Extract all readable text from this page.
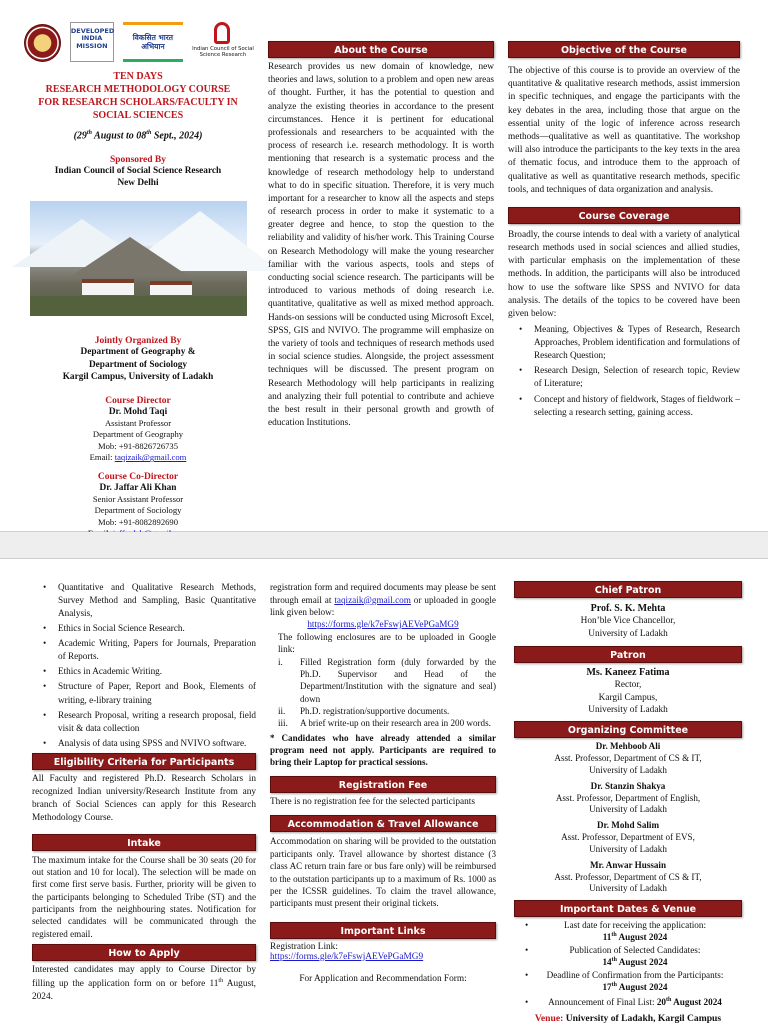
DEVELOPED INDIA MISSION
विकसित भारत अभियान	Indian Council of Social Science Research
TEN DAYS
RESEARCH METHODOLOGY COURSE
FOR RESEARCH SCHOLARS/FACULTY IN
SOCIAL SCIENCES
(29th August to 08th Sept., 2024)
Sponsored By
Indian Council of Social Science Research
New Delhi
Jointly Organized By
Department of Geography &
Department of Sociology
Kargil Campus, University of Ladakh
Course Director
Dr. Mohd Taqi
Assistant Professor
Department of Geography
Mob: +91-8826726735
Email: taqizaik@gmail.com
Course Co-Director
Dr. Jaffar Ali Khan
Senior Assistant Professor
Department of Sociology
Mob: +91-8082892690
About the Course
Research provides us new domain of knowledge, new theories and laws, solution to a problem and open new areas of thought. Further, it has the potential to question and analyze the existing theories in accordance to the present circumstances. Hence it is pertinent for educational professionals and researchers to be acquainted with the process of research i.e. research methodology. It is worth mentioning that research is a systematic process and the knowledge of research methodology help to understand what to do in specific situation. Therefore, it is very much important for a researcher to know all the aspects and steps of research process in order to make it systematic to a greater degree and hence, to stop the question to the reliability and validity of his/her work. This Training Course on Research Methodology will make the young researcher familiar with the various aspects, tools and steps of conducting social science research. The participants will be introduced to various methods of doing research i.e. quantitative, qualitative as well as mixed method approach. Hands-on sessions will be conducted using Microsoft Excel, SPSS, GIS and NVIVO. The programme will emphasize on the variety of tools and techniques of research methods used in social science studies. Alongside, the project assessment techniques will be discussed. The present program on Research Methodology will help participants in realizing and analyzing their full potential to contribute and achieve the best result in their personal growth and growth of education Institutions.
Objective of the Course
The objective of this course is to provide an overview of the quantitative & qualitative research methods, assist immersion in specific techniques, and engage the participants with the key debates in the area, including those that argue on the essential unity of the logic of inference across research methods—qualitative as well as quantitative. The workshop will also introduce the participants to the key texts in the area of thematic focus, and introduce them to the approach of qualitative as well as quantitative research methods, specific tools, and techniques of data organization and analysis.
Course Coverage
Broadly, the course intends to deal with a variety of analytical research methods used in social sciences and allied studies, with particular emphasis on the implementation of these methods. In addition, the participants will also be introduced how to use the software like SPSS and NVIVO for data analysis. The details of the topics to be covered have been given below:
• Meaning, Objectives & Types of Research, Research Approaches, Problem identification and formulations of Research Question;
• Research Design, Selection of research topic, Review of Literature;
• Concept and history of fieldwork, Stages of fieldwork – selecting a research setting, gaining access.
• Quantitative and Qualitative Research Methods, Survey Method and Sampling, Basic Quantitative Analysis,
• Ethics in Social Science Research.
• Academic Writing, Papers for Journals, Preparation of Reports.
• Ethics in Academic Writing.
• Structure of Paper, Report and Book, Elements of writing, e-library training
• Research Proposal, writing a research proposal, field visit & data collection
• Analysis of data using SPSS and NVIVO software.
Eligibility Criteria for Participants
All Faculty and registered Ph.D. Research Scholars in recognized Indian university/Research Institute from any branch of Social Sciences can apply for this Research Methodology Course.
Intake
The maximum intake for the Course shall be 30 seats (20 for out station and 10 for local). The selection will be made on first come first serve basis. Further, priority will be given to the participants belonging to Scheduled Tribe (ST) and the participants from the neighbouring states. Notification for selected candidates will be communicated through the registered email.
How to Apply
Interested candidates may apply to Course Director by filling up the application form on or before 11th August, 2024.
registration form and required documents may please be sent through email at taqizaik@gmail.com or uploaded in google link given below:
https://forms.gle/k7eFswjAEVePGaMG9
The following enclosures are to be uploaded in Google link:
i. Filled Registration form (duly forwarded by the Ph.D. Supervisor and Head of the Department/Institution with the signature and seal) down
ii. Ph.D. registration/supportive documents.
iii. A brief write-up on their research area in 200 words.
* Candidates who have already attended a similar program need not apply. Participants are required to bring their Laptop for practical sessions.
Registration Fee
There is no registration fee for the selected participants
Accommodation & Travel Allowance
Accommodation on sharing will be provided to the outstation participants only. Travel allowance by shortest distance (3 class AC return train fare or bus fare only) will be reimbursed to the outstation participants up to a maximum of Rs. 1000 as per the ICSSR guidelines. To claim the travel allowance, participants must present their original tickets.
Important Links
Registration Link:
https://forms.gle/k7eFswjAEVePGaMG9
For Application and Recommendation Form:
Chief Patron
Prof. S. K. Mehta
Hon’ble Vice Chancellor,
University of Ladakh
Patron
Ms. Kaneez Fatima
Rector,
Kargil Campus,
University of Ladakh
Organizing Committee
Dr. Mehboob Ali
Asst. Professor, Department of CS & IT,
University of Ladakh
Dr. Stanzin Shakya
Asst. Professor, Department of English,
University of Ladakh
Dr. Mohd Salim
Asst. Professor, Department of EVS,
University of Ladakh
Mr. Anwar Hussain
Asst. Professor, Department of CS & IT,
University of Ladakh
Important Dates & Venue
• Last date for receiving the application:
11th August 2024
• Publication of Selected Candidates:
14th August 2024
• Deadline of Confirmation from the Participants:
17th August 2024
• Announcement of Final List: 20th August 2024
Venue: University of Ladakh, Kargil Campus
